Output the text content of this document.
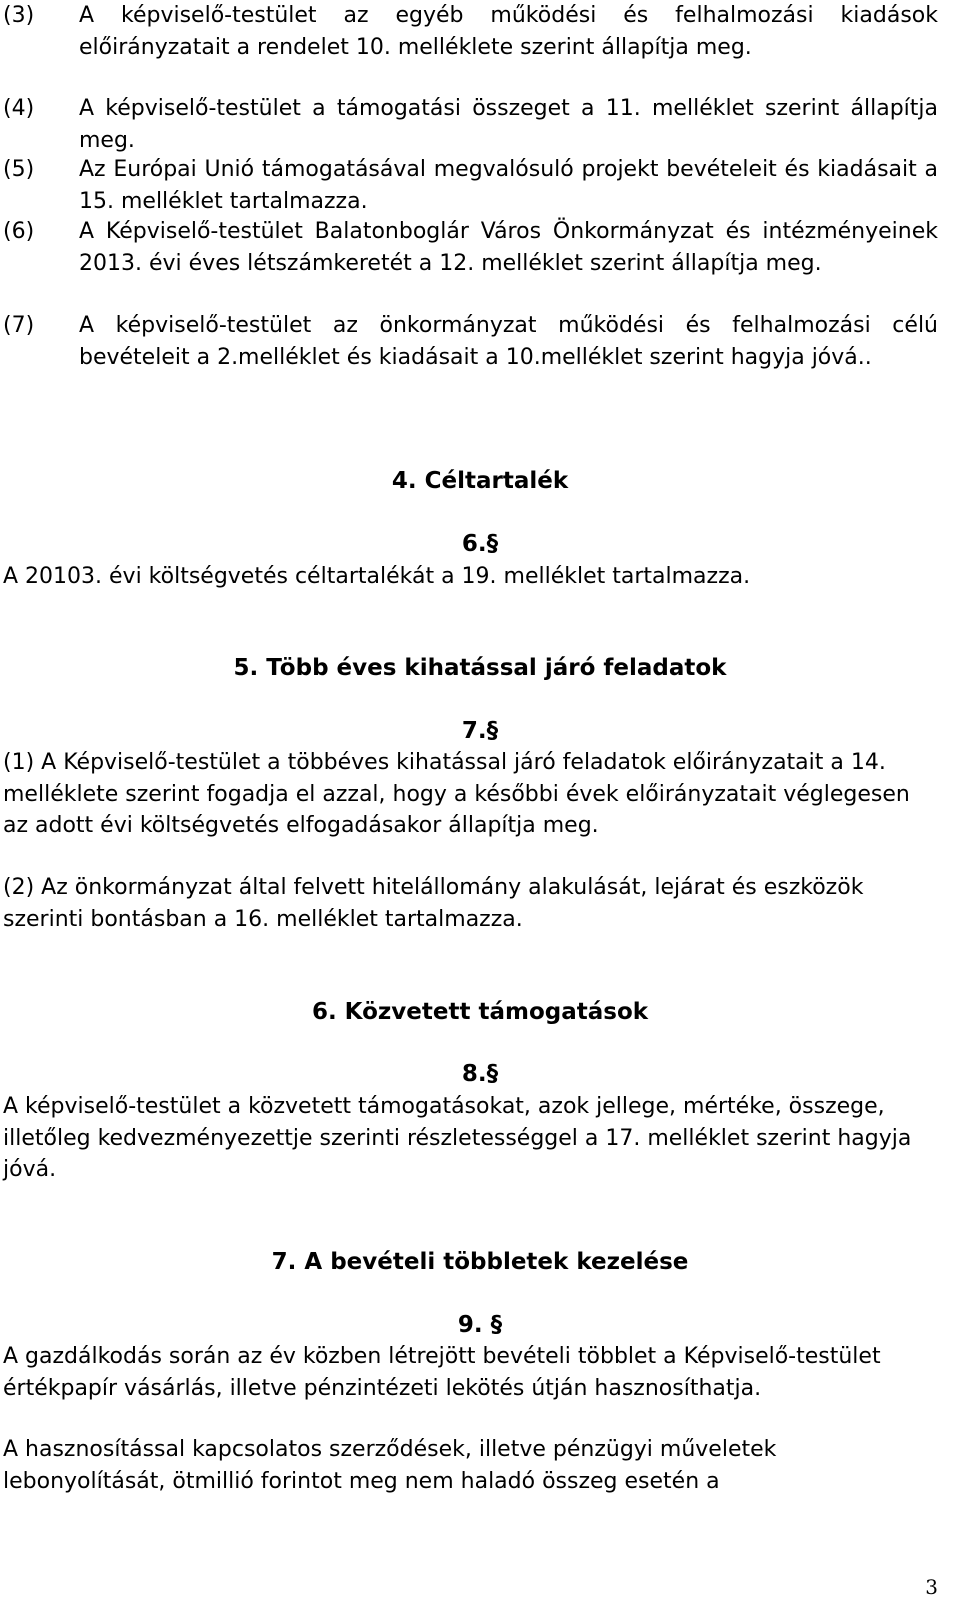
(3) A képviselő-testület az egyéb működési és felhalmozási kiadások előirányzatait a rendelet 10. melléklete szerint állapítja meg.
(4) A képviselő-testület a támogatási összeget a 11. melléklet szerint állapítja meg.
(5) Az Európai Unió támogatásával megvalósuló projekt bevételeit és kiadásait a 15. melléklet tartalmazza.
(6) A Képviselő-testület Balatonboglár Város Önkormányzat és intézményeinek 2013. évi éves létszámkeretét a 12. melléklet szerint állapítja meg.
(7) A képviselő-testület az önkormányzat működési és felhalmozási célú bevételeit a 2.melléklet és kiadásait a 10.melléklet szerint hagyja jóvá..
4. Céltartalék
6.§

A 20103. évi költségvetés céltartalékát a 19. melléklet tartalmazza.

5. Több éves kihatással járó feladatok
7.§

(1) A Képviselő-testület a többéves kihatással járó feladatok előirányzatait a 14. melléklete szerint fogadja el azzal, hogy a későbbi évek előirányzatait véglegesen az adott évi költségvetés elfogadásakor állapítja meg.

(2) Az önkormányzat által felvett hitelállomány alakulását, lejárat és eszközök szerinti bontásban a 16. melléklet tartalmazza.

6. Közvetett támogatások
8.§

A képviselő-testület a közvetett támogatásokat, azok jellege, mértéke, összege, illetőleg kedvezményezettje szerinti részletességgel a 17. melléklet szerint hagyja jóvá.

7. A bevételi többletek kezelése
9. §

A gazdálkodás során az év közben létrejött bevételi többlet a Képviselő-testület értékpapír vásárlás, illetve pénzintézeti lekötés útján hasznosíthatja.

A hasznosítással kapcsolatos szerződések, illetve pénzügyi műveletek lebonyolítását, ötmillió forintot meg nem haladó összeg esetén a

3
